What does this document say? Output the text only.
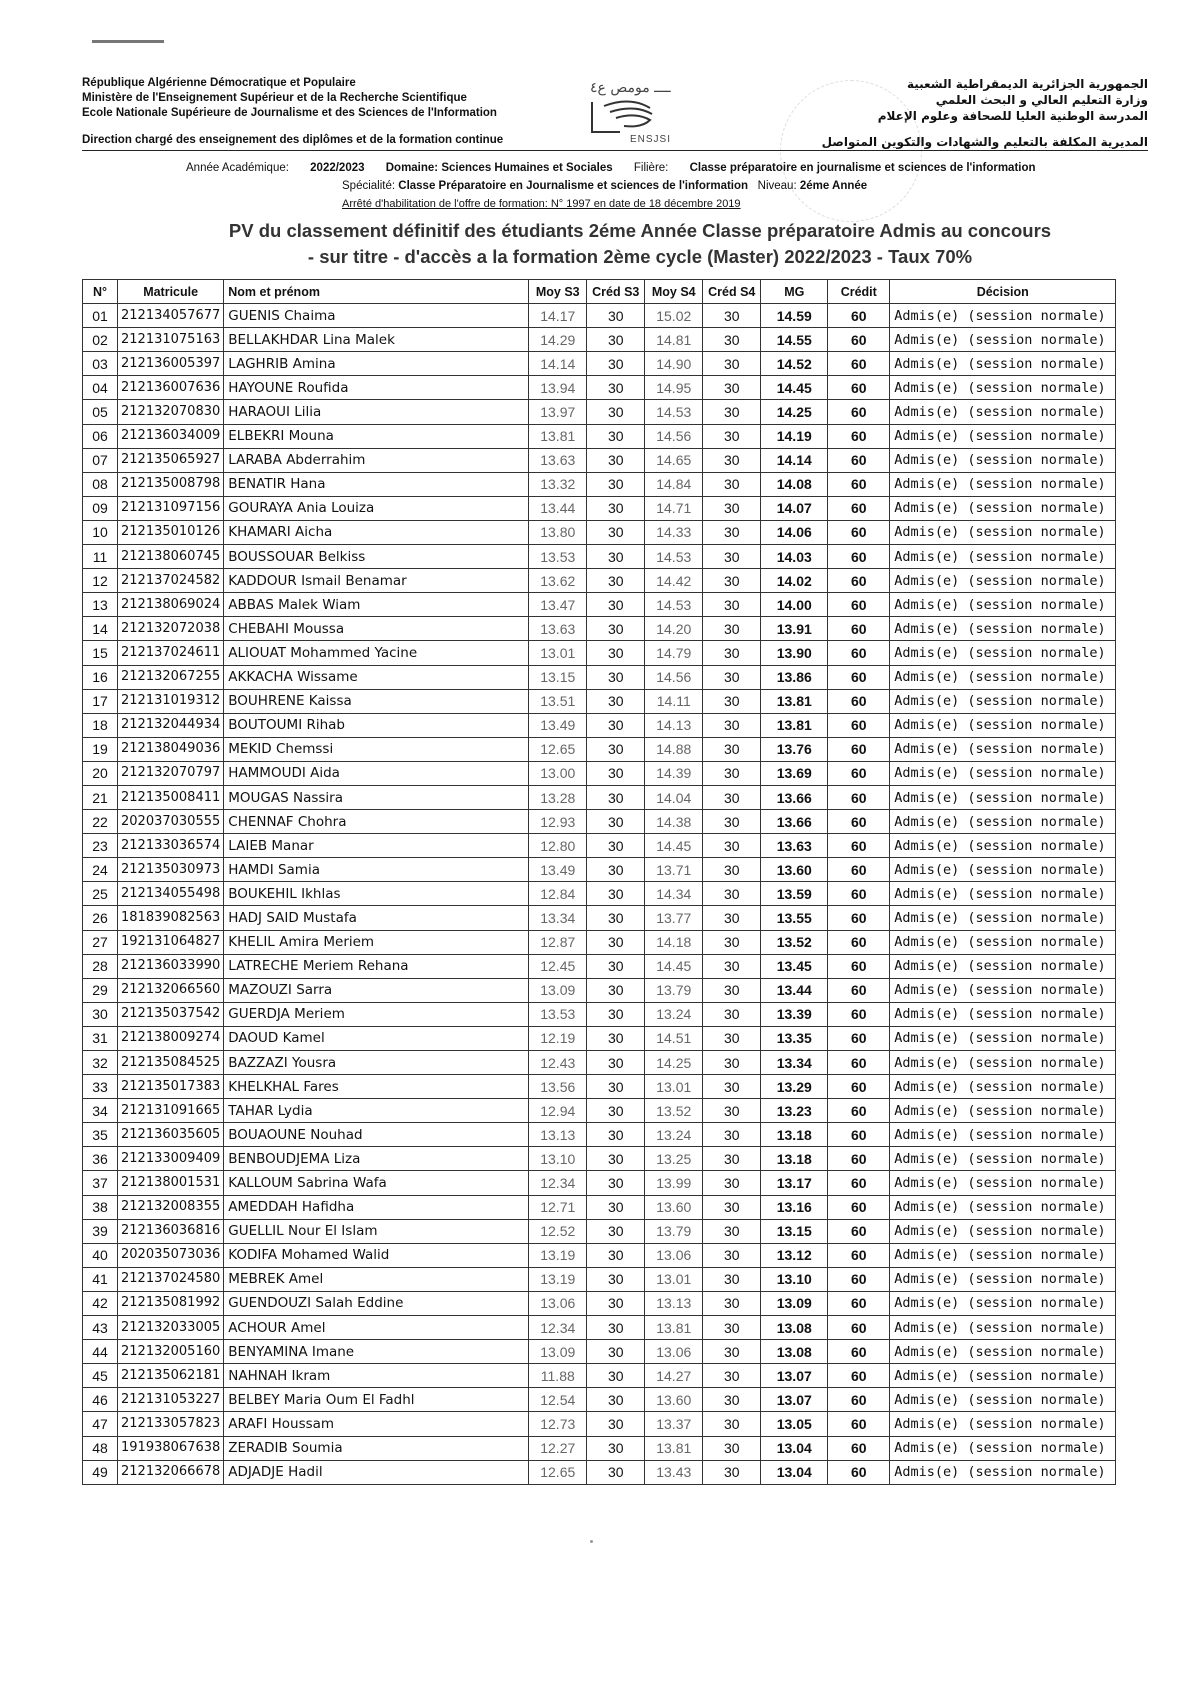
République Algérienne Démocratique et Populaire
Ministère de l'Enseignement Supérieur et de la Recherche Scientifique
Ecole Nationale Supérieure de Journalisme et des Sciences de l'Information
Direction chargé des enseignement des diplômes et de la formation continue
ــــ مومص ع٤
ENSJSI
الجمهورية الجزائرية الديمقراطية الشعبية
وزارة التعليم العالي و البحث العلمي
المدرسة الوطنية العليا للصحافة وعلوم الإعلام
المديرية المكلفة بالتعليم والشهادات والتكوين المتواصل
Année Académique: 2022/2023 Domaine: Sciences Humaines et Sociales Filière: Classe préparatoire en journalisme et sciences de l'information
Spécialité: Classe Préparatoire en Journalisme et sciences de l'information Niveau: 2éme Année
Arrêté d'habilitation de l'offre de formation: N° 1997 en date de 18 décembre 2019
PV du classement définitif des étudiants 2éme Année Classe préparatoire Admis au concours
- sur titre - d'accès a la formation 2ème cycle (Master) 2022/2023 - Taux 70%
N°	Matricule	Nom et prénom	Moy S3	Créd S3	Moy S4	Créd S4	MG	Crédit	Décision
01	212134057677	GUENIS Chaima	14.17	30	15.02	30	14.59	60	Admis(e) (session normale)
02	212131075163	BELLAKHDAR Lina Malek	14.29	30	14.81	30	14.55	60	Admis(e) (session normale)
03	212136005397	LAGHRIB Amina	14.14	30	14.90	30	14.52	60	Admis(e) (session normale)
04	212136007636	HAYOUNE Roufida	13.94	30	14.95	30	14.45	60	Admis(e) (session normale)
05	212132070830	HARAOUI Lilia	13.97	30	14.53	30	14.25	60	Admis(e) (session normale)
06	212136034009	ELBEKRI Mouna	13.81	30	14.56	30	14.19	60	Admis(e) (session normale)
07	212135065927	LARABA Abderrahim	13.63	30	14.65	30	14.14	60	Admis(e) (session normale)
08	212135008798	BENATIR Hana	13.32	30	14.84	30	14.08	60	Admis(e) (session normale)
09	212131097156	GOURAYA Ania Louiza	13.44	30	14.71	30	14.07	60	Admis(e) (session normale)
10	212135010126	KHAMARI Aicha	13.80	30	14.33	30	14.06	60	Admis(e) (session normale)
11	212138060745	BOUSSOUAR Belkiss	13.53	30	14.53	30	14.03	60	Admis(e) (session normale)
12	212137024582	KADDOUR Ismail Benamar	13.62	30	14.42	30	14.02	60	Admis(e) (session normale)
13	212138069024	ABBAS Malek Wiam	13.47	30	14.53	30	14.00	60	Admis(e) (session normale)
14	212132072038	CHEBAHI Moussa	13.63	30	14.20	30	13.91	60	Admis(e) (session normale)
15	212137024611	ALIOUAT Mohammed Yacine	13.01	30	14.79	30	13.90	60	Admis(e) (session normale)
16	212132067255	AKKACHA Wissame	13.15	30	14.56	30	13.86	60	Admis(e) (session normale)
17	212131019312	BOUHRENE Kaissa	13.51	30	14.11	30	13.81	60	Admis(e) (session normale)
18	212132044934	BOUTOUMI Rihab	13.49	30	14.13	30	13.81	60	Admis(e) (session normale)
19	212138049036	MEKID Chemssi	12.65	30	14.88	30	13.76	60	Admis(e) (session normale)
20	212132070797	HAMMOUDI Aida	13.00	30	14.39	30	13.69	60	Admis(e) (session normale)
21	212135008411	MOUGAS Nassira	13.28	30	14.04	30	13.66	60	Admis(e) (session normale)
22	202037030555	CHENNAF Chohra	12.93	30	14.38	30	13.66	60	Admis(e) (session normale)
23	212133036574	LAIEB Manar	12.80	30	14.45	30	13.63	60	Admis(e) (session normale)
24	212135030973	HAMDI Samia	13.49	30	13.71	30	13.60	60	Admis(e) (session normale)
25	212134055498	BOUKEHIL Ikhlas	12.84	30	14.34	30	13.59	60	Admis(e) (session normale)
26	181839082563	HADJ SAID Mustafa	13.34	30	13.77	30	13.55	60	Admis(e) (session normale)
27	192131064827	KHELIL Amira Meriem	12.87	30	14.18	30	13.52	60	Admis(e) (session normale)
28	212136033990	LATRECHE Meriem Rehana	12.45	30	14.45	30	13.45	60	Admis(e) (session normale)
29	212132066560	MAZOUZI Sarra	13.09	30	13.79	30	13.44	60	Admis(e) (session normale)
30	212135037542	GUERDJA Meriem	13.53	30	13.24	30	13.39	60	Admis(e) (session normale)
31	212138009274	DAOUD Kamel	12.19	30	14.51	30	13.35	60	Admis(e) (session normale)
32	212135084525	BAZZAZI Yousra	12.43	30	14.25	30	13.34	60	Admis(e) (session normale)
33	212135017383	KHELKHAL Fares	13.56	30	13.01	30	13.29	60	Admis(e) (session normale)
34	212131091665	TAHAR Lydia	12.94	30	13.52	30	13.23	60	Admis(e) (session normale)
35	212136035605	BOUAOUNE Nouhad	13.13	30	13.24	30	13.18	60	Admis(e) (session normale)
36	212133009409	BENBOUDJEMA Liza	13.10	30	13.25	30	13.18	60	Admis(e) (session normale)
37	212138001531	KALLOUM Sabrina Wafa	12.34	30	13.99	30	13.17	60	Admis(e) (session normale)
38	212132008355	AMEDDAH Hafidha	12.71	30	13.60	30	13.16	60	Admis(e) (session normale)
39	212136036816	GUELLIL Nour El Islam	12.52	30	13.79	30	13.15	60	Admis(e) (session normale)
40	202035073036	KODIFA Mohamed Walid	13.19	30	13.06	30	13.12	60	Admis(e) (session normale)
41	212137024580	MEBREK Amel	13.19	30	13.01	30	13.10	60	Admis(e) (session normale)
42	212135081992	GUENDOUZI Salah Eddine	13.06	30	13.13	30	13.09	60	Admis(e) (session normale)
43	212132033005	ACHOUR Amel	12.34	30	13.81	30	13.08	60	Admis(e) (session normale)
44	212132005160	BENYAMINA Imane	13.09	30	13.06	30	13.08	60	Admis(e) (session normale)
45	212135062181	NAHNAH Ikram	11.88	30	14.27	30	13.07	60	Admis(e) (session normale)
46	212131053227	BELBEY Maria Oum El Fadhl	12.54	30	13.60	30	13.07	60	Admis(e) (session normale)
47	212133057823	ARAFI Houssam	12.73	30	13.37	30	13.05	60	Admis(e) (session normale)
48	191938067638	ZERADIB Soumia	12.27	30	13.81	30	13.04	60	Admis(e) (session normale)
49	212132066678	ADJADJE Hadil	12.65	30	13.43	30	13.04	60	Admis(e) (session normale)
